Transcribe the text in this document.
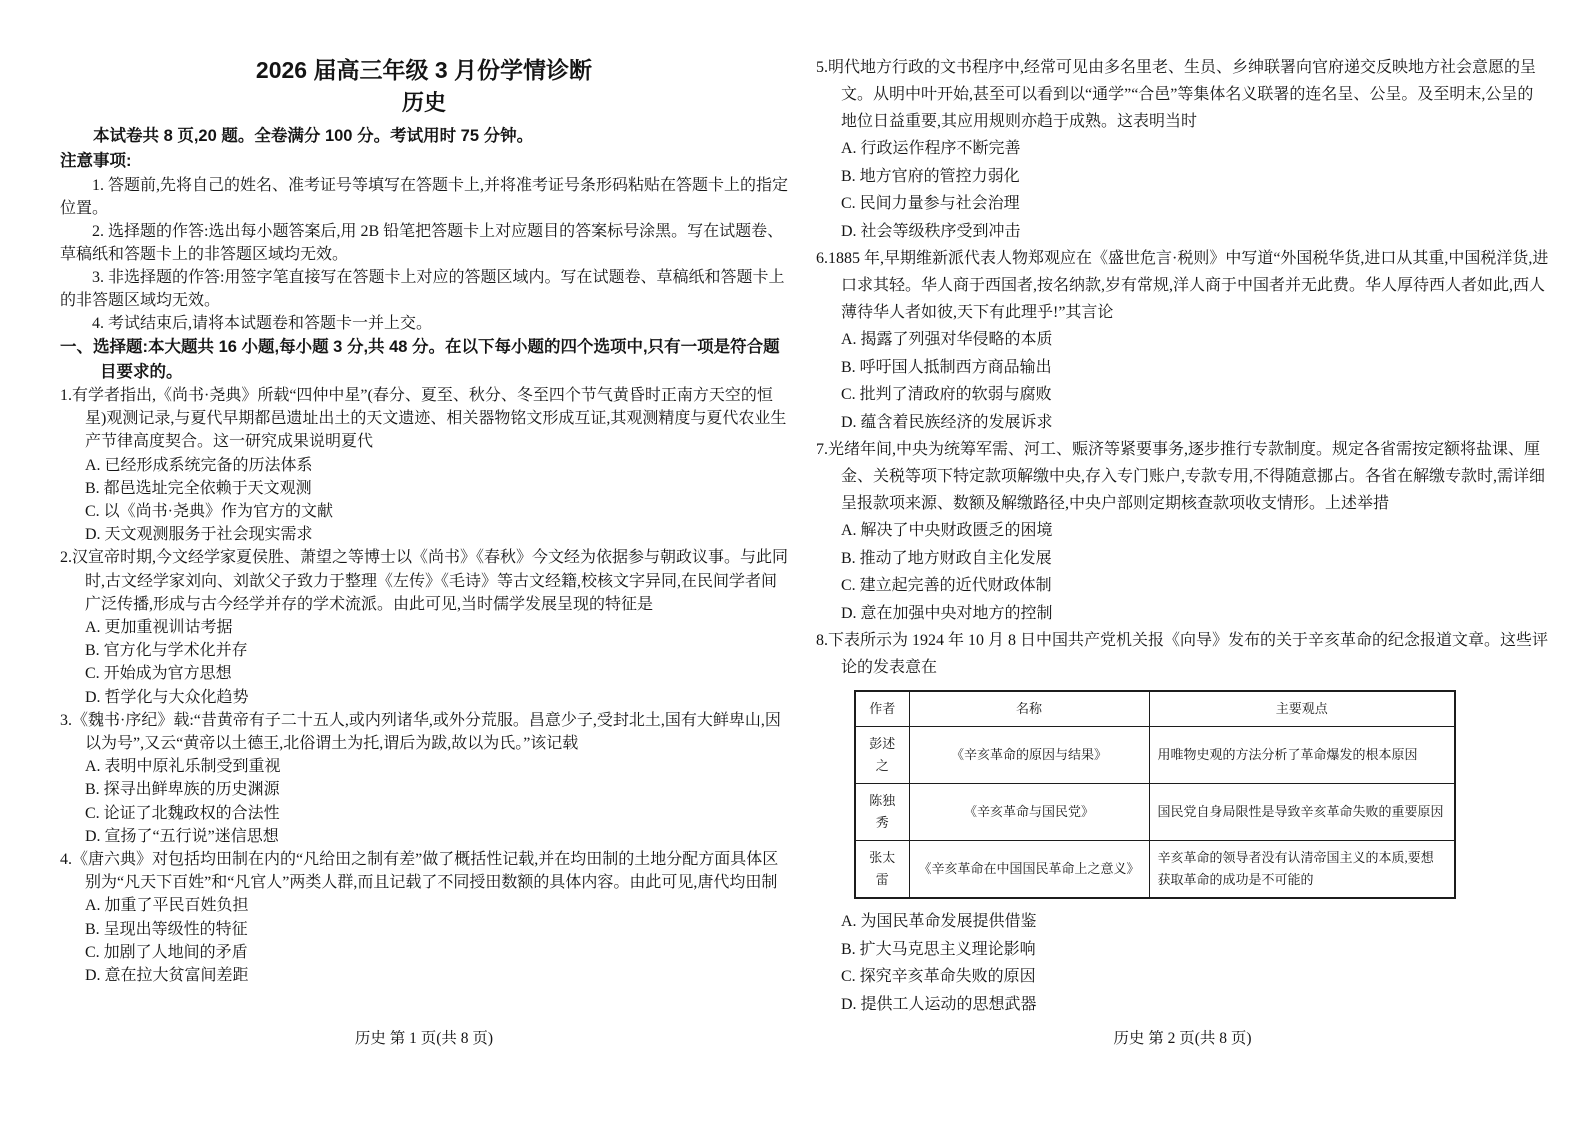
2026 届高三年级 3 月份学情诊断
历史

本试卷共 8 页,20 题。全卷满分 100 分。考试用时 75 分钟。

注意事项:

1. 答题前,先将自己的姓名、准考证号等填写在答题卡上,并将准考证号条形码粘贴在答题卡上的指定位置。

2. 选择题的作答:选出每小题答案后,用 2B 铅笔把答题卡上对应题目的答案标号涂黑。写在试题卷、草稿纸和答题卡上的非答题区域均无效。

3. 非选择题的作答:用签字笔直接写在答题卡上对应的答题区域内。写在试题卷、草稿纸和答题卡上的非答题区域均无效。

4. 考试结束后,请将本试题卷和答题卡一并上交。

一、选择题:本大题共 16 小题,每小题 3 分,共 48 分。在以下每小题的四个选项中,只有一项是符合题目要求的。

1.有学者指出,《尚书·尧典》所载“四仲中星”(春分、夏至、秋分、冬至四个节气黄昏时正南方天空的恒星)观测记录,与夏代早期都邑遗址出土的天文遗迹、相关器物铭文形成互证,其观测精度与夏代农业生产节律高度契合。这一研究成果说明夏代

A. 已经形成系统完备的历法体系

B. 都邑选址完全依赖于天文观测

C. 以《尚书·尧典》作为官方的文献

D. 天文观测服务于社会现实需求

2.汉宣帝时期,今文经学家夏侯胜、萧望之等博士以《尚书》《春秋》今文经为依据参与朝政议事。与此同时,古文经学家刘向、刘歆父子致力于整理《左传》《毛诗》等古文经籍,校核文字异同,在民间学者间广泛传播,形成与古今经学并存的学术流派。由此可见,当时儒学发展呈现的特征是

A. 更加重视训诂考据

B. 官方化与学术化并存

C. 开始成为官方思想

D. 哲学化与大众化趋势

3.《魏书·序纪》载:“昔黄帝有子二十五人,或内列诸华,或外分荒服。昌意少子,受封北土,国有大鲜卑山,因以为号”,又云“黄帝以土德王,北俗谓土为托,谓后为跋,故以为氏。”该记载

A. 表明中原礼乐制受到重视

B. 探寻出鲜卑族的历史渊源

C. 论证了北魏政权的合法性

D. 宣扬了“五行说”迷信思想

4.《唐六典》对包括均田制在内的“凡给田之制有差”做了概括性记载,并在均田制的土地分配方面具体区别为“凡天下百姓”和“凡官人”两类人群,而且记载了不同授田数额的具体内容。由此可见,唐代均田制

A. 加重了平民百姓负担

B. 呈现出等级性的特征

C. 加剧了人地间的矛盾

D. 意在拉大贫富间差距

历史 第 1 页(共 8 页)

5.明代地方行政的文书程序中,经常可见由多名里老、生员、乡绅联署向官府递交反映地方社会意愿的呈文。从明中叶开始,甚至可以看到以“通学”“合邑”等集体名义联署的连名呈、公呈。及至明末,公呈的地位日益重要,其应用规则亦趋于成熟。这表明当时

A. 行政运作程序不断完善

B. 地方官府的管控力弱化

C. 民间力量参与社会治理

D. 社会等级秩序受到冲击

6.1885 年,早期维新派代表人物郑观应在《盛世危言·税则》中写道“外国税华货,进口从其重,中国税洋货,进口求其轻。华人商于西国者,按名纳款,岁有常规,洋人商于中国者并无此费。华人厚待西人者如此,西人薄待华人者如彼,天下有此理乎!”其言论

A. 揭露了列强对华侵略的本质

B. 呼吁国人抵制西方商品输出

C. 批判了清政府的软弱与腐败

D. 蕴含着民族经济的发展诉求

7.光绪年间,中央为统筹军需、河工、赈济等紧要事务,逐步推行专款制度。规定各省需按定额将盐课、厘金、关税等项下特定款项解缴中央,存入专门账户,专款专用,不得随意挪占。各省在解缴专款时,需详细呈报款项来源、数额及解缴路径,中央户部则定期核查款项收支情形。上述举措

A. 解决了中央财政匮乏的困境

B. 推动了地方财政自主化发展

C. 建立起完善的近代财政体制

D. 意在加强中央对地方的控制

8.下表所示为 1924 年 10 月 8 日中国共产党机关报《向导》发布的关于辛亥革命的纪念报道文章。这些评论的发表意在

作者	名称	主要观点
彭述之	《辛亥革命的原因与结果》	用唯物史观的方法分析了革命爆发的根本原因
陈独秀	《辛亥革命与国民党》	国民党自身局限性是导致辛亥革命失败的重要原因
张太雷	《辛亥革命在中国国民革命上之意义》	辛亥革命的领导者没有认清帝国主义的本质,要想获取革命的成功是不可能的

A. 为国民革命发展提供借鉴

B. 扩大马克思主义理论影响

C. 探究辛亥革命失败的原因

D. 提供工人运动的思想武器

历史 第 2 页(共 8 页)
